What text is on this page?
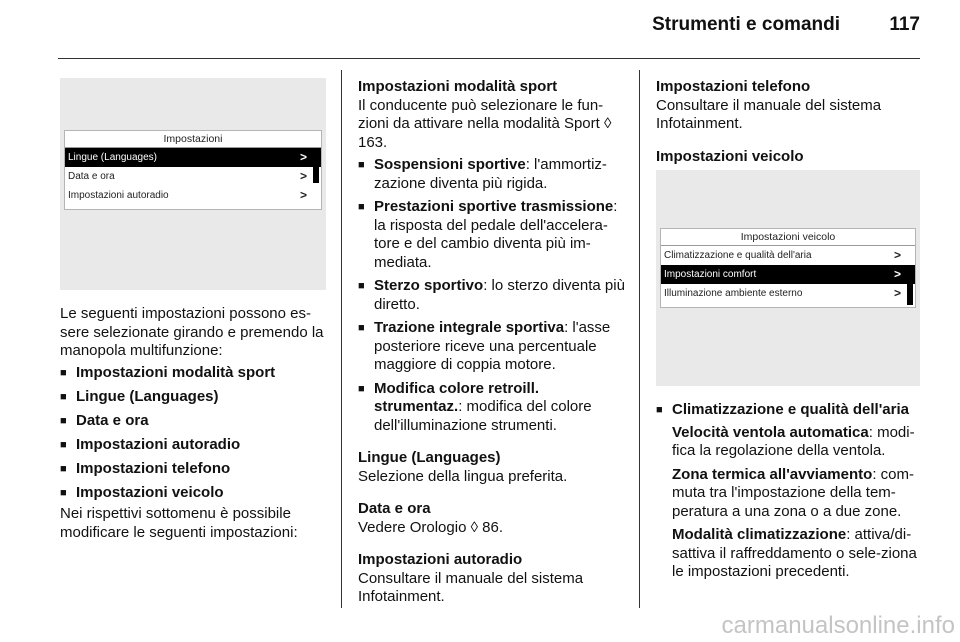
Strumenti e comandi	117
Impostazioni
Lingue (Languages)	>
Data e ora	>
Impostazioni autoradio	>

Le seguenti impostazioni possono es-sere selezionate girando e premendo la manopola multifunzione:

■ Impostazioni modalità sport

■ Lingue (Languages)

■ Data e ora

■ Impostazioni autoradio

■ Impostazioni telefono

■ Impostazioni veicolo

Nei rispettivi sottomenu è possibile modificare le seguenti impostazioni:

Impostazioni modalità sport

Il conducente può selezionare le fun-zioni da attivare nella modalità Sport ◊ 163.

■ Sospensioni sportive: l'ammortiz-zazione diventa più rigida.

■ Prestazioni sportive trasmissione: la risposta del pedale dell'accelera-tore e del cambio diventa più im-mediata.

■ Sterzo sportivo: lo sterzo diventa più diretto.

■ Trazione integrale sportiva: l'asse posteriore riceve una percentuale maggiore di coppia motore.

■ Modifica colore retroill. strumentaz.: modifica del colore dell'illuminazione strumenti.

Lingue (Languages)

Selezione della lingua preferita.

Data e ora

Vedere Orologio ◊ 86.

Impostazioni autoradio

Consultare il manuale del sistema Infotainment.

Impostazioni telefono

Consultare il manuale del sistema Infotainment.

Impostazioni veicolo

Impostazioni veicolo
Climatizzazione e qualità dell'aria	>
Impostazioni comfort	>
Illuminazione ambiente esterno	>

■ Climatizzazione e qualità dell'aria

Velocità ventola automatica: modi-fica la regolazione della ventola.

Zona termica all'avviamento: com-muta tra l'impostazione della tem-peratura a una zona o a due zone.

Modalità climatizzazione: attiva/di-sattiva il raffreddamento o sele-ziona le impostazioni precedenti.

carmanualsonline.info
